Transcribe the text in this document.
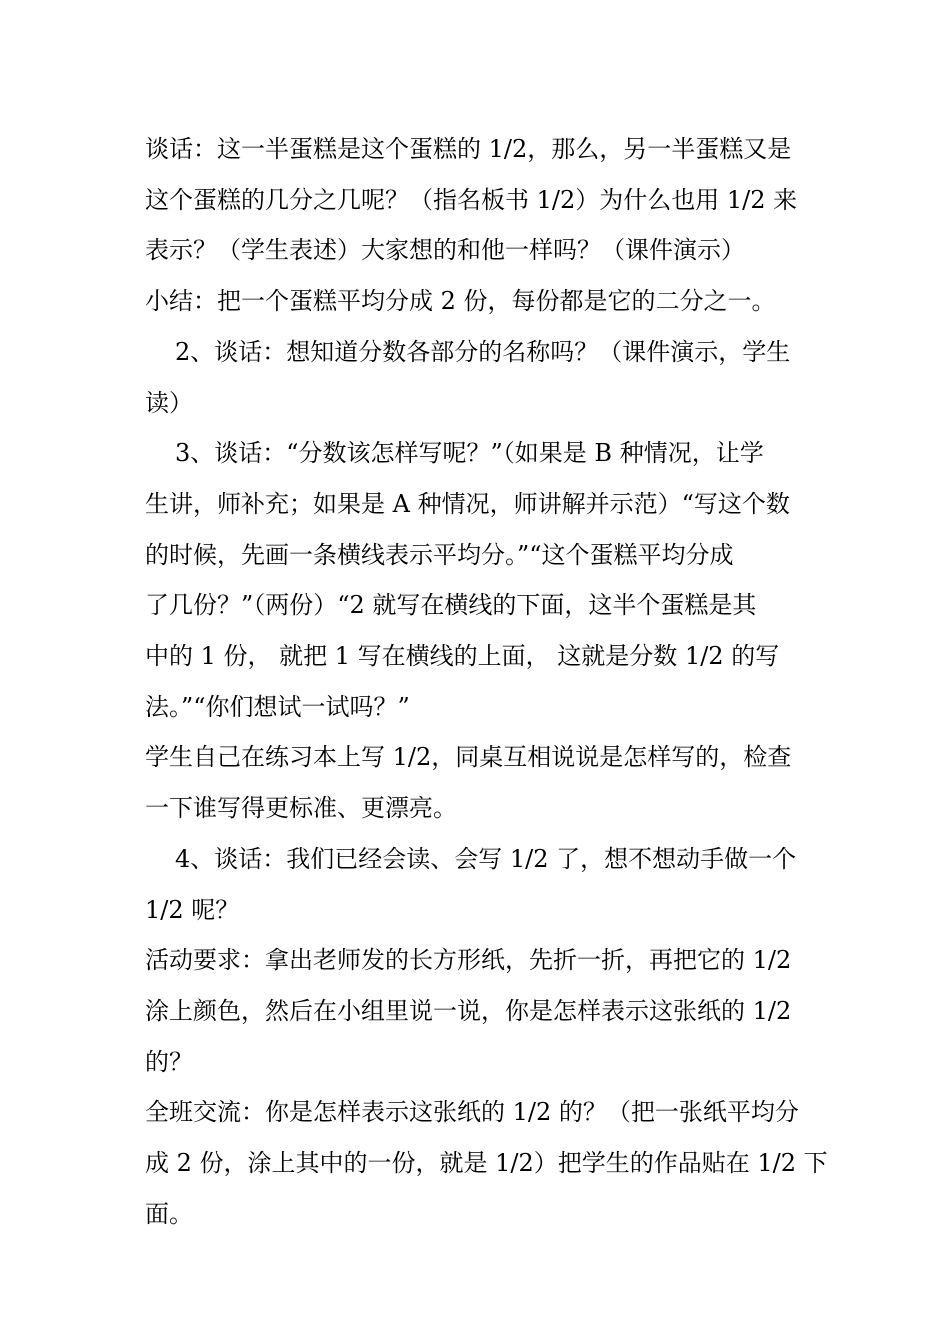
谈话：这一半蛋糕是这个蛋糕的 1/2，那么，另一半蛋糕又是
这个蛋糕的几分之几呢？（指名板书 1/2）为什么也用 1/2 来
表示？（学生表述）大家想的和他一样吗？（课件演示）

小结：把一个蛋糕平均分成 2 份，每份都是它的二分之一。

2、谈话：想知道分数各部分的名称吗？（课件演示，学生
读）

3、谈话：“分数该怎样写呢？”（如果是 B 种情况，让学
生讲，师补充；如果是 A 种情况，师讲解并示范）“写这个数
的时候，先画一条横线表示平均分。”“这个蛋糕平均分成
了几份？”（两份）“2 就写在横线的下面，这半个蛋糕是其
中的 1 份， 就把 1 写在横线的上面， 这就是分数 1/2 的写
法。”“你们想试一试吗？”

学生自己在练习本上写 1/2，同桌互相说说是怎样写的，检查
一下谁写得更标准、更漂亮。

4、谈话：我们已经会读、会写 1/2 了，想不想动手做一个
1/2 呢？

活动要求：拿出老师发的长方形纸，先折一折，再把它的 1/2
涂上颜色，然后在小组里说一说，你是怎样表示这张纸的 1/2
的？

全班交流：你是怎样表示这张纸的 1/2 的？（把一张纸平均分
成 2 份，涂上其中的一份，就是 1/2）把学生的作品贴在 1/2 下
面。
